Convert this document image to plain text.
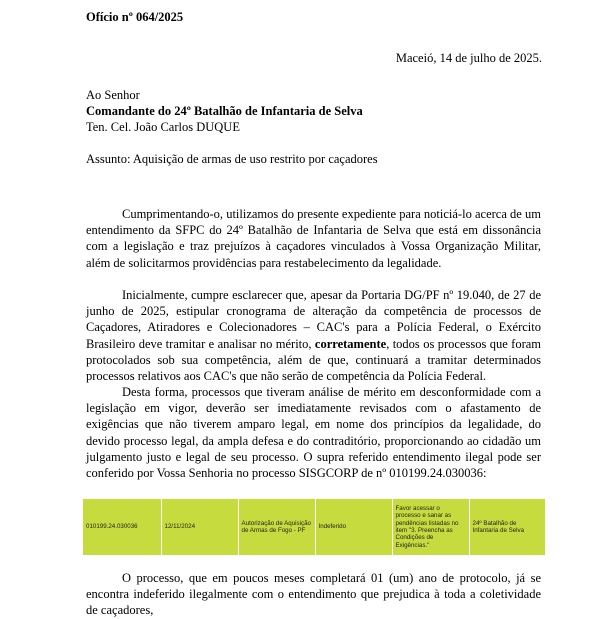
Ofício nº 064/2025
Maceió, 14 de julho de 2025.
Ao Senhor
Comandante do 24º Batalhão de Infantaria de Selva
Ten. Cel. João Carlos DUQUE
Assunto: Aquisição de armas de uso restrito por caçadores
Cumprimentando-o, utilizamos do presente expediente para noticiá-lo acerca de um entendimento da SFPC do 24º Batalhão de Infantaria de Selva que está em dissonância com a legislação e traz prejuízos à caçadores vinculados à Vossa Organização Militar, além de solicitarmos providências para restabelecimento da legalidade.
Inicialmente, cumpre esclarecer que, apesar da Portaria DG/PF nº 19.040, de 27 de junho de 2025, estipular cronograma de alteração da competência de processos de Caçadores, Atiradores e Colecionadores – CAC's para a Polícia Federal, o Exército Brasileiro deve tramitar e analisar no mérito, corretamente, todos os processos que foram protocolados sob sua competência, além de que, continuará a tramitar determinados processos relativos aos CAC's que não serão de competência da Polícia Federal.
Desta forma, processos que tiveram análise de mérito em desconformidade com a legislação em vigor, deverão ser imediatamente revisados com o afastamento de exigências que não tiverem amparo legal, em nome dos princípios da legalidade, do devido processo legal, da ampla defesa e do contraditório, proporcionando ao cidadão um julgamento justo e legal de seu processo. O supra referido entendimento ilegal pode ser conferido por Vossa Senhoria no processo SISGCORP de nº 010199.24.030036:
010199.24.030036	12/11/2024	Autorização de Aquisição de Armas de Fogo - PF	Indeferido	Favor acessar o processo e sanar as pendências listadas no item "3. Preencha as Condições de Exigências."	24º Batalhão de Infantaria de Selva
O processo, que em poucos meses completará 01 (um) ano de protocolo, já se encontra indeferido ilegalmente com o entendimento que prejudica à toda a coletividade de caçadores,
